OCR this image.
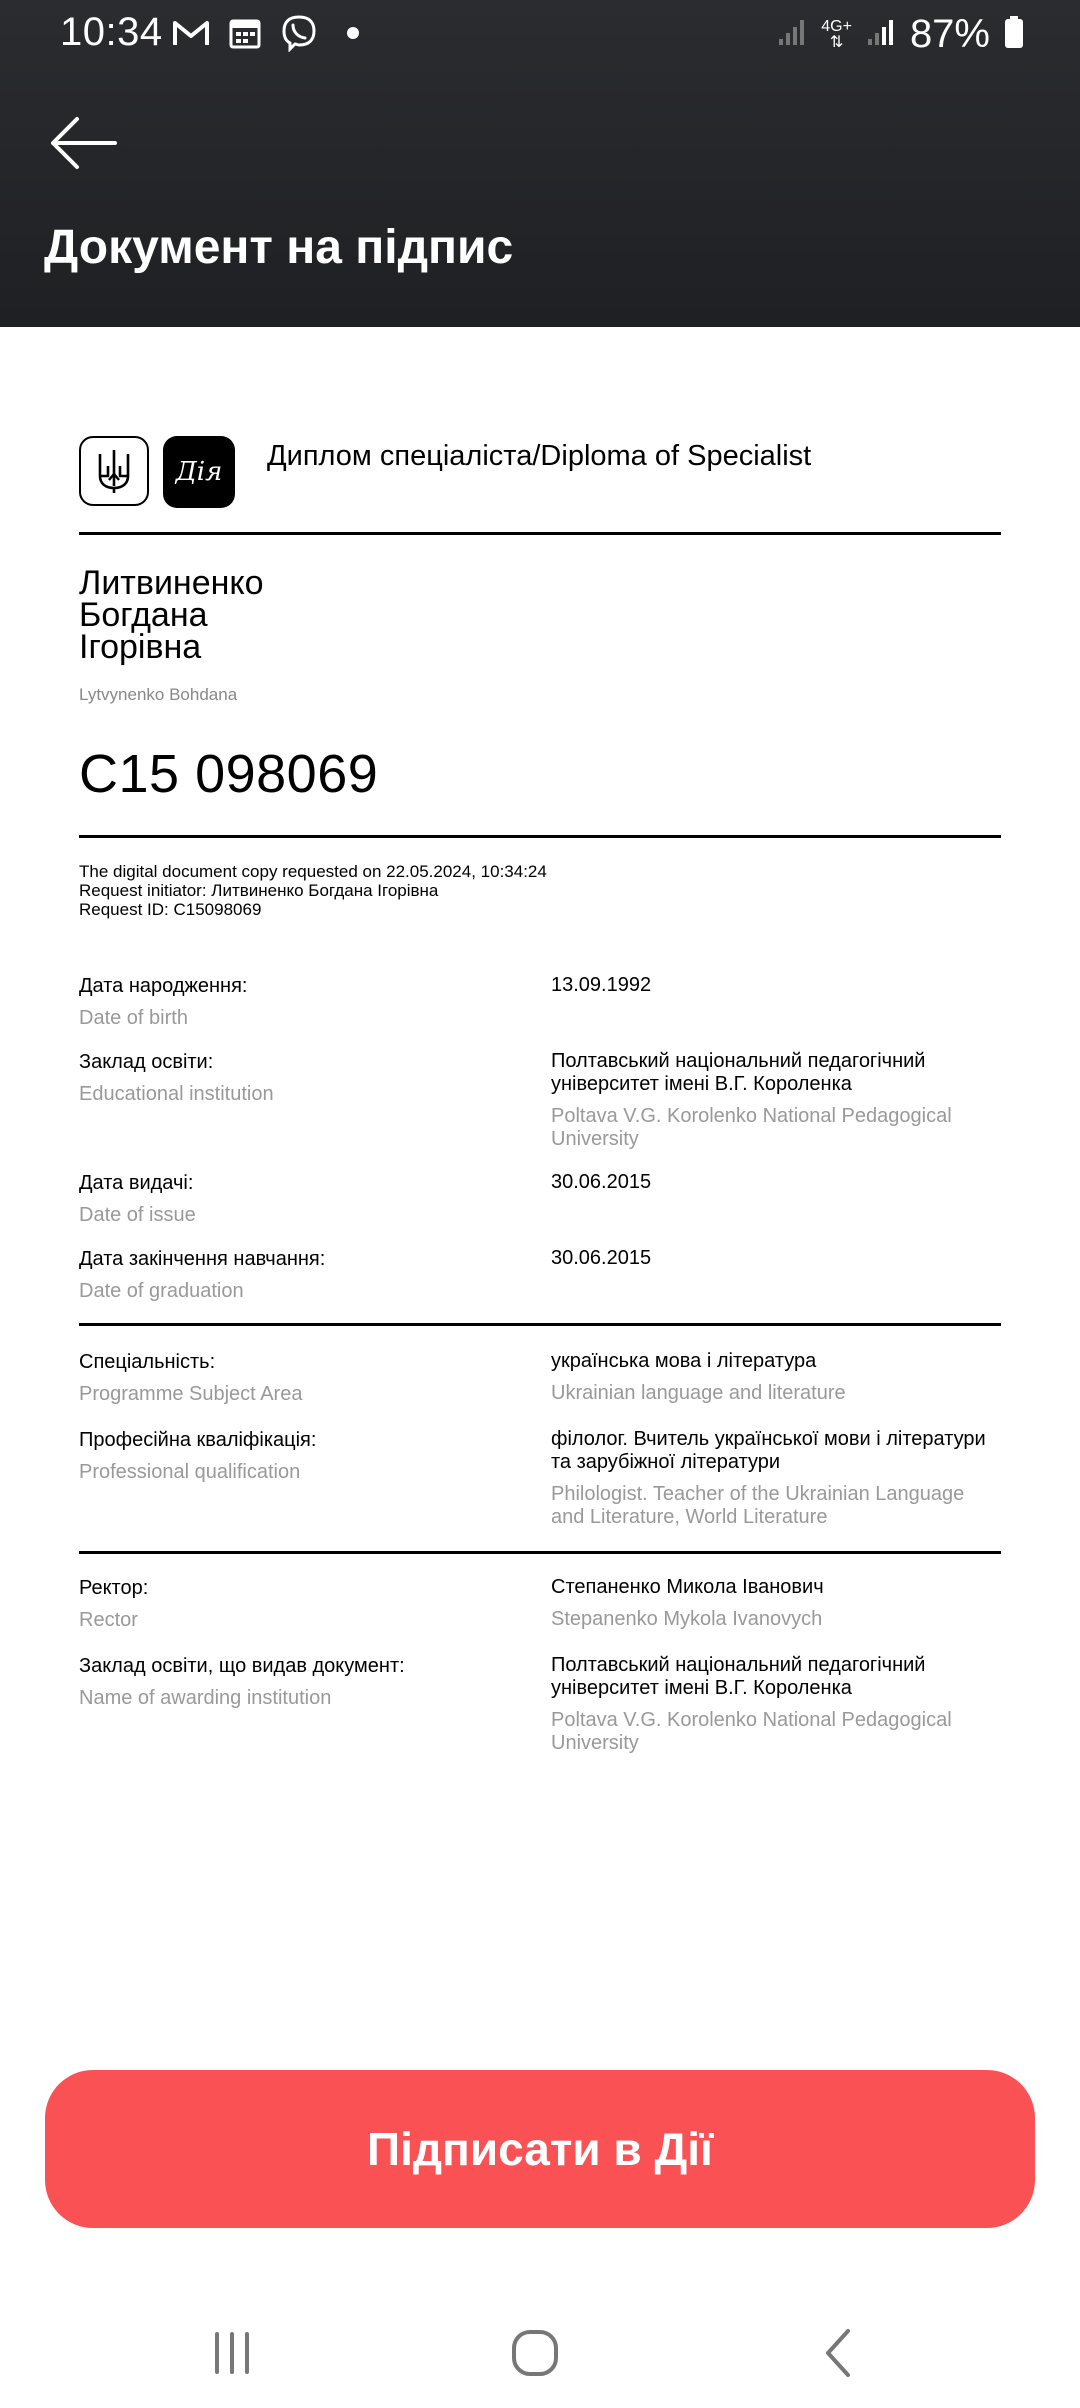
10:34	4G+
⇅ 87%
Документ на підпис
Дія	Диплом спеціаліста/Diploma of Specialist
Литвиненко
Богдана
Ігорівна
Lytvynenko Bohdana
C15 098069
The digital document copy requested on 22.05.2024, 10:34:24
Request initiator: Литвиненко Богдана Ігорівна
Request ID: C15098069
Дата народження:
Date of birth
13.09.1992
Заклад освіти:
Educational institution
Полтавський національний педагогічний університет імені В.Г. Короленка
Poltava V.G. Korolenko National Pedagogical University
Дата видачі:
Date of issue
30.06.2015
Дата закінчення навчання:
Date of graduation
30.06.2015
Спеціальність:
Programme Subject Area
українська мова і література
Ukrainian language and literature
Професійна кваліфікація:
Professional qualification
філолог. Вчитель української мови і літератури та зарубіжної літератури
Philologist. Teacher of the Ukrainian Language and Literature, World Literature
Ректор:
Rector
Степаненко Микола Іванович
Stepanenko Mykola Ivanovych
Заклад освіти, що видав документ:
Name of awarding institution
Полтавський національний педагогічний університет імені В.Г. Короленка
Poltava V.G. Korolenko National Pedagogical University
Підписати в Дії
